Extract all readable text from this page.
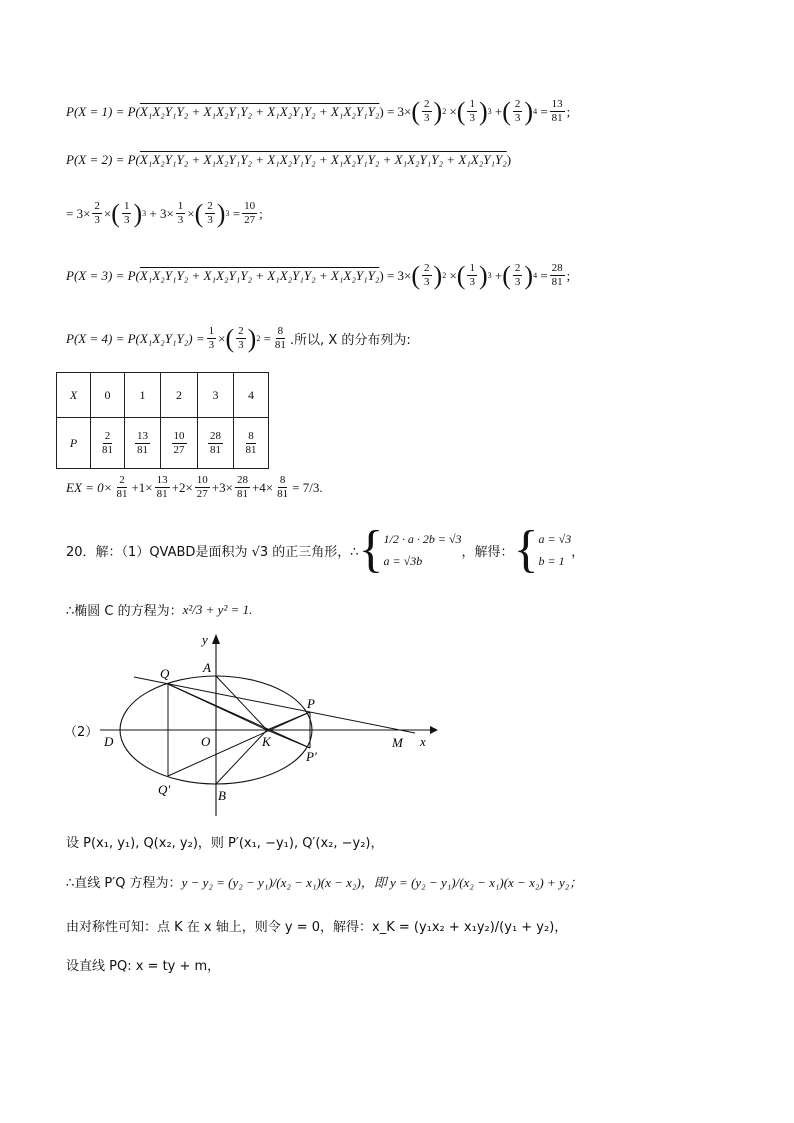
P(X = 1) = P( X₁X₂Y₁Y₂ + X₁X₂Y₁Y₂ + X₁X₂Y₁Y₂ + X₁X₂Y₁Y₂ ) = 3× ( $\frac{2}{3}$ ) 2 × ( $\frac{1}{3}$ ) 3 + ( $\frac{2}{3}$ ) $4 = \frac{13}{81}$ ;
P(X = 2) = P( X₁X₂Y₁Y₂ + X₁X₂Y₁Y₂ + X₁X₂Y₁Y₂ + X₁X₂Y₁Y₂ + X₁X₂Y₁Y₂ + X₁X₂Y₁Y₂ )
= $3\times \frac{2}{3}$ × ( $\frac{1}{3}$ ) $3 + 3\times \frac{1}{3}$ × ( $\frac{2}{3}$ ) $3 = \frac{10}{27}$ ;
P(X = 3) = P( X₁X₂Y₁Y₂ + X₁X₂Y₁Y₂ + X₁X₂Y₁Y₂ + X₁X₂Y₁Y₂ ) = 3× ( $\frac{2}{3}$ ) 2 × ( $\frac{1}{3}$ ) 3 + ( $\frac{2}{3}$ ) $4 = \frac{28}{81}$ ;
$P(X = 4) = P(X_1X_2Y_1Y_2) = \frac{1}{3}$ × ( $\frac{2}{3}$ ) $2 = \frac{8}{81}$ .所以, X 的分布列为:
X	0	1	2	3	4
P	$\frac{2}{81}$	$\frac{13}{81}$	$\frac{10}{27}$	$\frac{28}{81}$	$\frac{8}{81}$
EX = $0\times \frac{2}{81} +1\times \frac{13}{81} +2\times \frac{10}{27} +3\times \frac{28}{81} +4\times \frac{8}{81} = 7/3$.
20．解：（1） QVABD是面积为 √3 的正三角形，∴ { 1/2 · a · 2b = √3
a = √3b
，解得： { a = √3
b = 1
，
∴椭圆 C 的方程为： x²/3 + y² = 1.
（2）
y
A
Q
P
D	O	K	M x
P′
Q′	B
设 P(x₁, y₁), Q(x₂, y₂)，则 P′(x₁, −y₁), Q′(x₂, −y₂)，
∴直线 P′Q 方程为： y − y₂ = (y₂ − y₁)/(x₂ − x₁)(x − x₂)，即 y = (y₂ − y₁)/(x₂ − x₁)(x − x₂) + y₂；
由对称性可知：点 K 在 x 轴上，则令 y = 0，解得：x_K = (y₁x₂ + x₁y₂)/(y₁ + y₂)，
设直线 PQ: x = ty + m，
